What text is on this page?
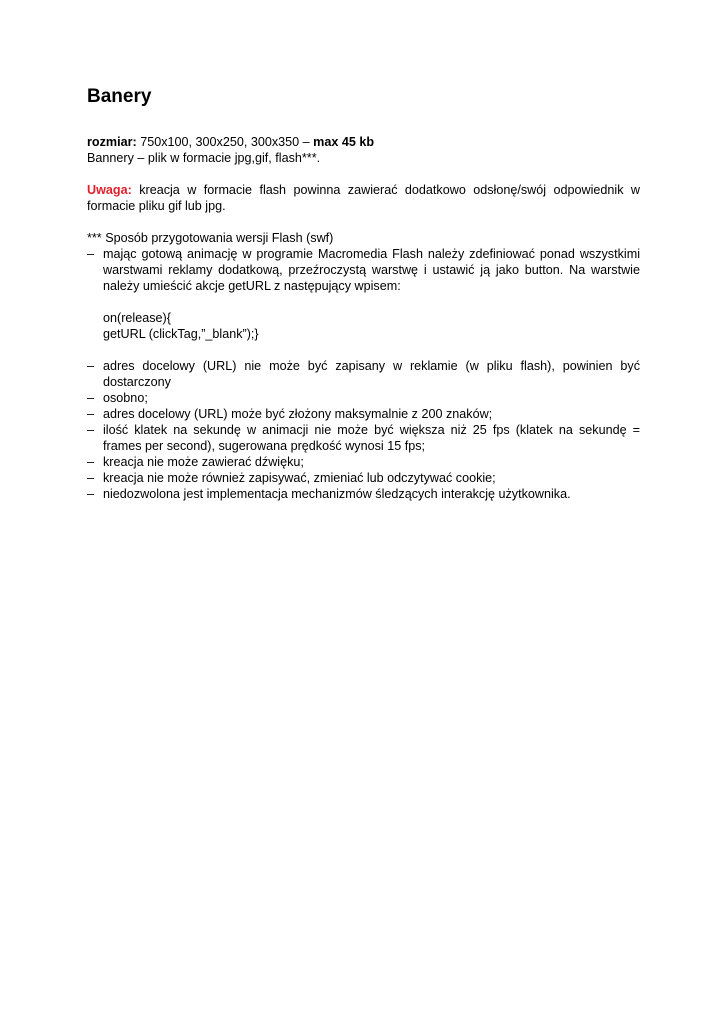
Banery

rozmiar: 750x100, 300x250, 300x350 – max 45 kb

Bannery – plik w formacie jpg,gif, flash***.

Uwaga: kreacja w formacie flash powinna zawierać dodatkowo odsłonę/swój odpowiednik w formacie pliku gif lub jpg.

*** Sposób przygotowania wersji Flash (swf)

– mając gotową animację w programie Macromedia Flash należy zdefiniować ponad wszystkimi warstwami reklamy dodatkową, przeźroczystą warstwę i ustawić ją jako button. Na warstwie należy umieścić akcje getURL z następujący wpisem:
on(release){
getURL (clickTag,”_blank”);}
– adres docelowy (URL) nie może być zapisany w reklamie (w pliku flash), powinien być dostarczony
– osobno;
– adres docelowy (URL) może być złożony maksymalnie z 200 znaków;
– ilość klatek na sekundę w animacji nie może być większa niż 25 fps (klatek na sekundę = frames per second), sugerowana prędkość wynosi 15 fps;
– kreacja nie może zawierać dźwięku;
– kreacja nie może również zapisywać, zmieniać lub odczytywać cookie;
– niedozwolona jest implementacja mechanizmów śledzących interakcję użytkownika.
